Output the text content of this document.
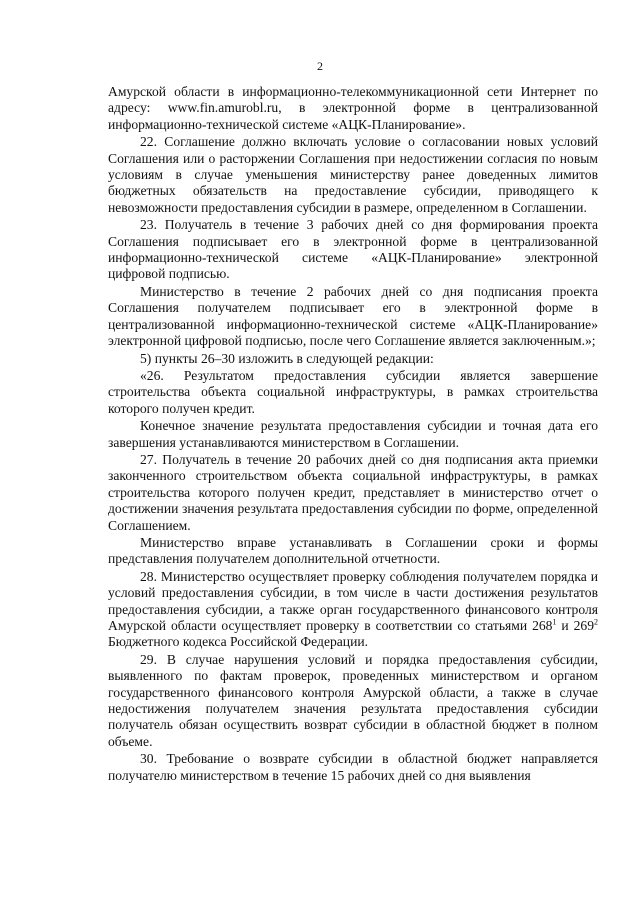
2

Амурской области в информационно-телекоммуникационной сети Интернет по адресу: www.fin.amurobl.ru, в электронной форме в централизованной информационно-технической системе «АЦК-Планирование».

22. Соглашение должно включать условие о согласовании новых условий Соглашения или о расторжении Соглашения при недостижении согласия по новым условиям в случае уменьшения министерству ранее доведенных лимитов бюджетных обязательств на предоставление субсидии, приводящего к невозможности предоставления субсидии в размере, определенном в Соглашении.

23. Получатель в течение 3 рабочих дней со дня формирования проекта Соглашения подписывает его в электронной форме в централизованной информационно-технической системе «АЦК-Планирование» электронной цифровой подписью.

Министерство в течение 2 рабочих дней со дня подписания проекта Соглашения получателем подписывает его в электронной форме в централизованной информационно-технической системе «АЦК-Планирование» электронной цифровой подписью, после чего Соглашение является заключенным.»;

5) пункты 26–30 изложить в следующей редакции:

«26. Результатом предоставления субсидии является завершение строительства объекта социальной инфраструктуры, в рамках строительства которого получен кредит.

Конечное значение результата предоставления субсидии и точная дата его завершения устанавливаются министерством в Соглашении.

27. Получатель в течение 20 рабочих дней со дня подписания акта приемки законченного строительством объекта социальной инфраструктуры, в рамках строительства которого получен кредит, представляет в министерство отчет о достижении значения результата предоставления субсидии по форме, определенной Соглашением.

Министерство вправе устанавливать в Соглашении сроки и формы представления получателем дополнительной отчетности.

28. Министерство осуществляет проверку соблюдения получателем порядка и условий предоставления субсидии, в том числе в части достижения результатов предоставления субсидии, а также орган государственного финансового контроля Амурской области осуществляет проверку в соответствии со статьями $268^1$ и $269^2$ Бюджетного кодекса Российской Федерации.

29. В случае нарушения условий и порядка предоставления субсидии, выявленного по фактам проверок, проведенных министерством и органом государственного финансового контроля Амурской области, а также в случае недостижения получателем значения результата предоставления субсидии получатель обязан осуществить возврат субсидии в областной бюджет в полном объеме.

30. Требование о возврате субсидии в областной бюджет направляется получателю министерством в течение 15 рабочих дней со дня выявления
